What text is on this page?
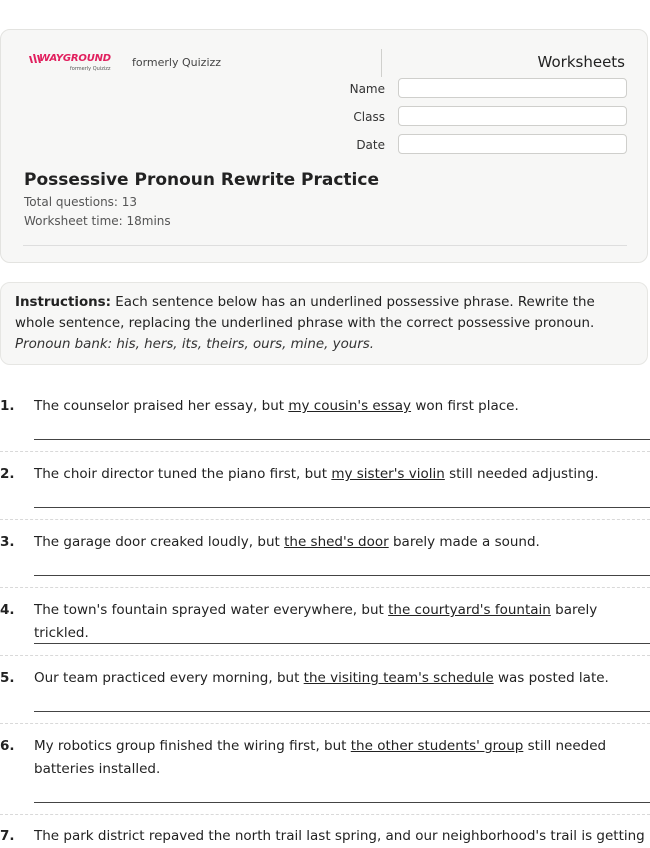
WAYGROUND
formerly Quizizz formerly Quizizz	Worksheets
Name
Class
Date
Possessive Pronoun Rewrite Practice
Total questions: 13
Worksheet time: 18mins
Instructions: Each sentence below has an underlined possessive phrase. Rewrite the whole sentence, replacing the underlined phrase with the correct possessive pronoun. Pronoun bank: his, hers, its, theirs, ours, mine, yours.
1. The counselor praised her essay, but my cousin's essay won first place.
2. The choir director tuned the piano first, but my sister's violin still needed adjusting.
3. The garage door creaked loudly, but the shed's door barely made a sound.
4. The town's fountain sprayed water everywhere, but the courtyard's fountain barely trickled.
5. Our team practiced every morning, but the visiting team's schedule was posted late.
6. My robotics group finished the wiring first, but the other students' group still needed batteries installed.
7. The park district repaved the north trail last spring, and our neighborhood's trail is getting
